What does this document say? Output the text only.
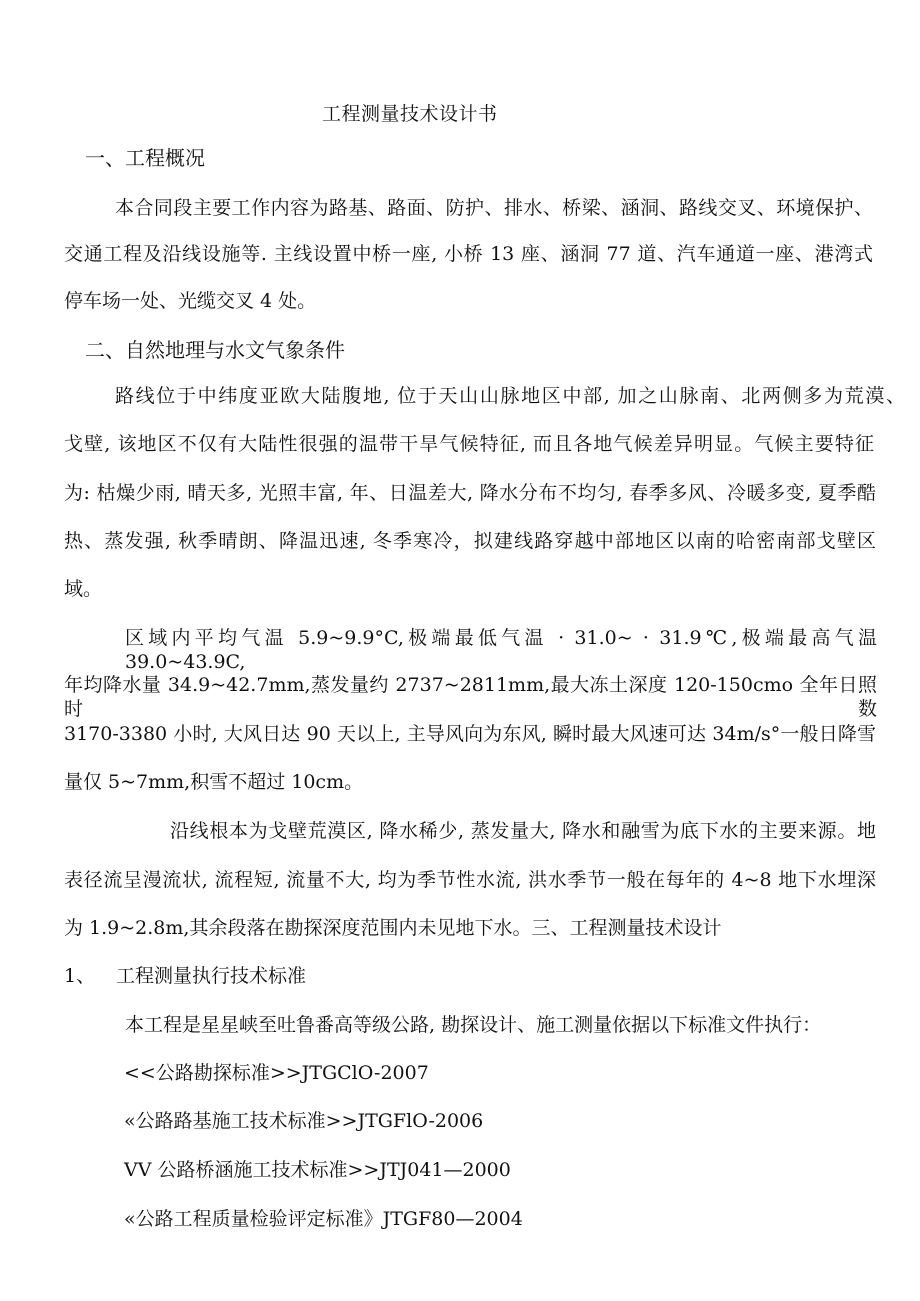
工程测量技术设计书
一、工程概况
本合同段主要工作内容为路基、路面、防护、排水、桥梁、涵洞、路线交叉、环境保护、
交通工程及沿线设施等. 主线设置中桥一座, 小桥 13 座、涵洞 77 道、汽车通道一座、港湾式
停车场一处、光缆交叉 4 处。
二、自然地理与水文气象条件
路线位于中纬度亚欧大陆腹地, 位于天山山脉地区中部, 加之山脉南、北两侧多为荒漠、
戈壁, 该地区不仅有大陆性很强的温带干旱气候特征, 而且各地气候差异明显。气候主要特征
为: 枯燥少雨, 晴天多, 光照丰富, 年、日温差大, 降水分布不均匀, 春季多风、冷暖多变, 夏季酷
热、蒸发强, 秋季晴朗、降温迅速, 冬季寒冷，拟建线路穿越中部地区以南的哈密南部戈壁区
域。
区域内平均气温 5.9~9.9°C,极端最低气温 · 31.0~ · 31.9℃,极端最高气温 39.0~43.9C,
年均降水量 34.9~42.7mm,蒸发量约 2737~2811mm,最大冻土深度 120-150cmo 全年日照时数
3170-3380 小时, 大风日达 90 天以上, 主导风向为东风, 瞬时最大风速可达 34m∕s°一般日降雪
量仅 5~7mm,积雪不超过 10cm。
沿线根本为戈壁荒漠区, 降水稀少, 蒸发量大, 降水和融雪为底下水的主要来源。地
表径流呈漫流状, 流程短, 流量不大, 均为季节性水流, 洪水季节一般在每年的 4~8 地下水埋深
为 1.9~2.8m,其余段落在勘探深度范围内未见地下水。三、工程测量技术设计
1、 工程测量执行技术标准
本工程是星星峡至吐鲁番高等级公路, 勘探设计、施工测量依据以下标准文件执行：
<<公路勘探标准>>JTGClO-2007
«公路路基施工技术标准>>JTGFlO-2006
VV 公路桥涵施工技术标准>>JTJ041—2000
«公路工程质量检验评定标准》JTGF80—2004
